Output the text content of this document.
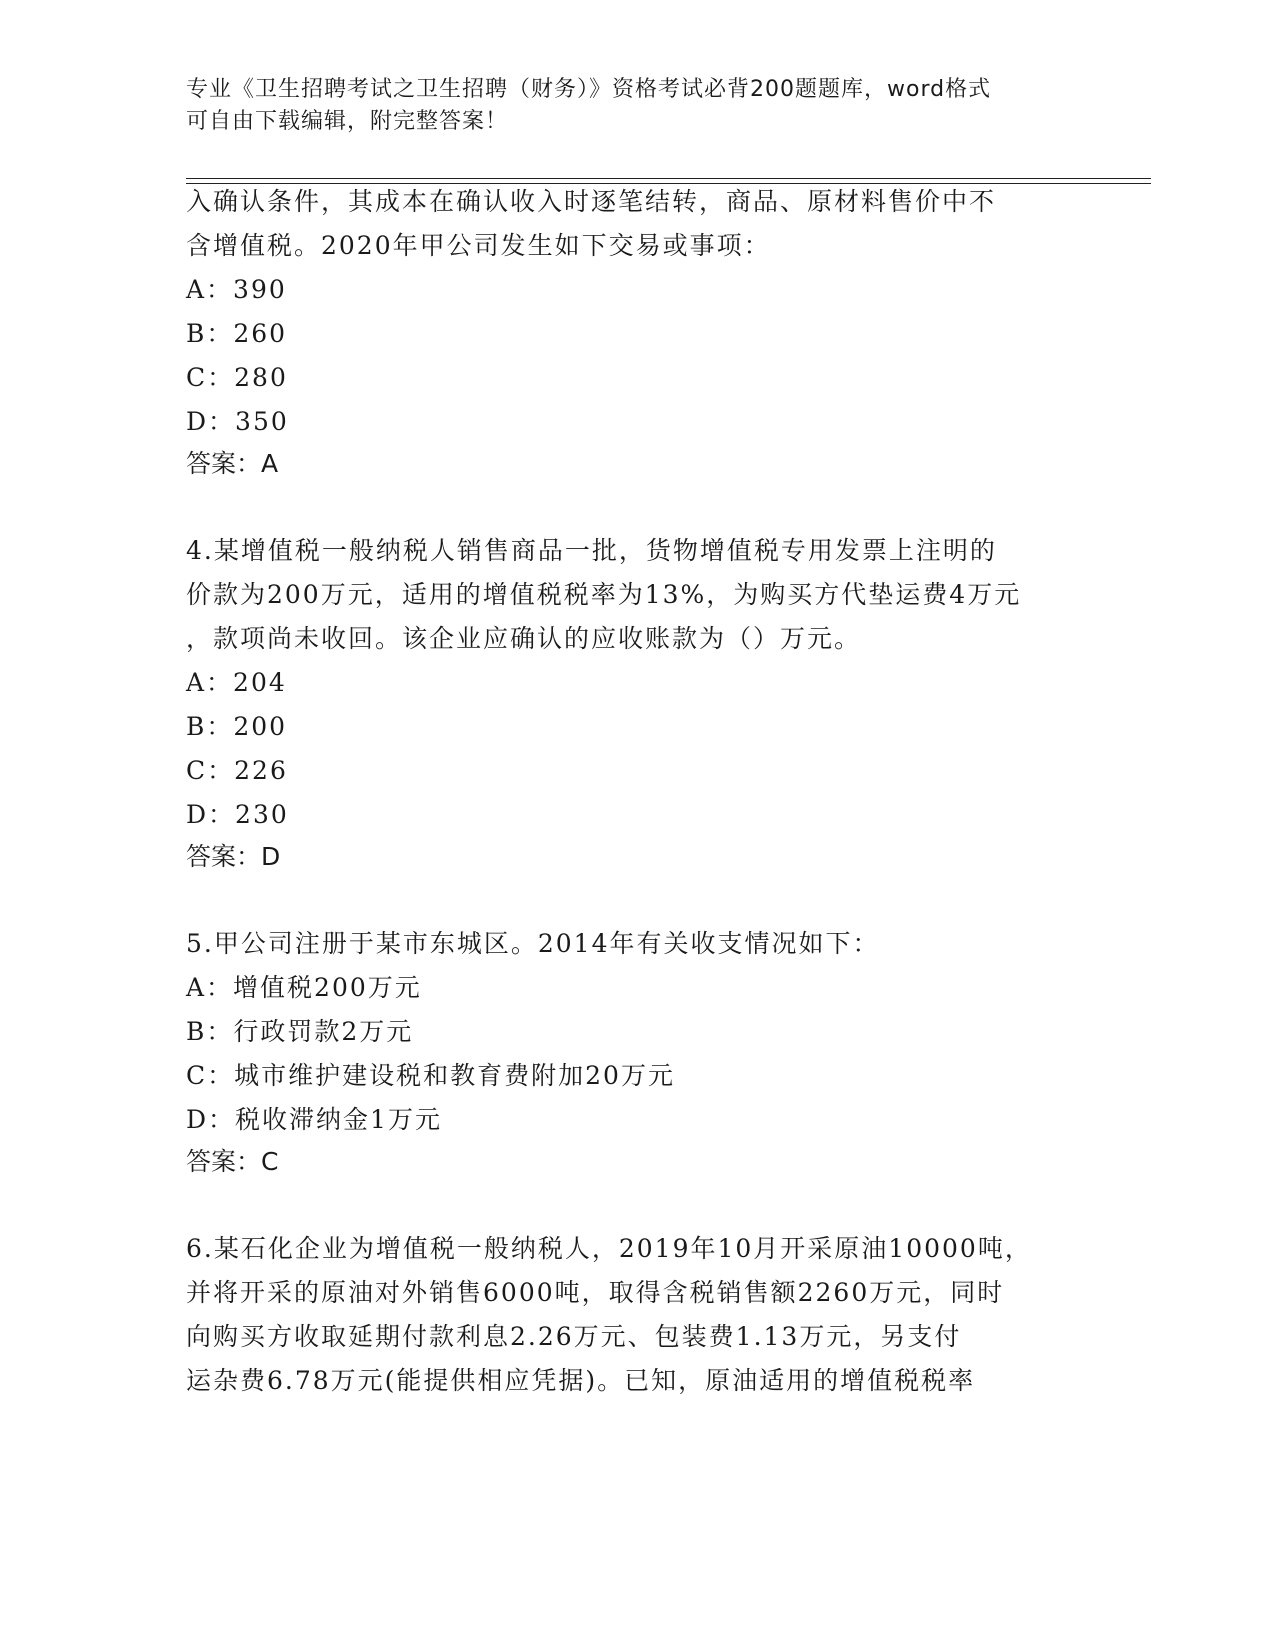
专业《卫生招聘考试之卫生招聘（财务）》资格考试必背200题题库，word格式
可自由下载编辑，附完整答案！
入确认条件，其成本在确认收入时逐笔结转，商品、原材料售价中不
含增值税。2020年甲公司发生如下交易或事项：
A：390
B：260
C：280
D：350
答案：A
4.某增值税一般纳税人销售商品一批，货物增值税专用发票上注明的
价款为200万元，适用的增值税税率为13%，为购买方代垫运费4万元
，款项尚未收回。该企业应确认的应收账款为（）万元。
A：204
B：200
C：226
D：230
答案：D
5.甲公司注册于某市东城区。2014年有关收支情况如下：
A：增值税200万元
B：行政罚款2万元
C：城市维护建设税和教育费附加20万元
D：税收滞纳金1万元
答案：C
6.某石化企业为增值税一般纳税人，2019年10月开采原油10000吨，
并将开采的原油对外销售6000吨，取得含税销售额2260万元，同时
向购买方收取延期付款利息2.26万元、包装费1.13万元，另支付
运杂费6.78万元(能提供相应凭据)。已知，原油适用的增值税税率
